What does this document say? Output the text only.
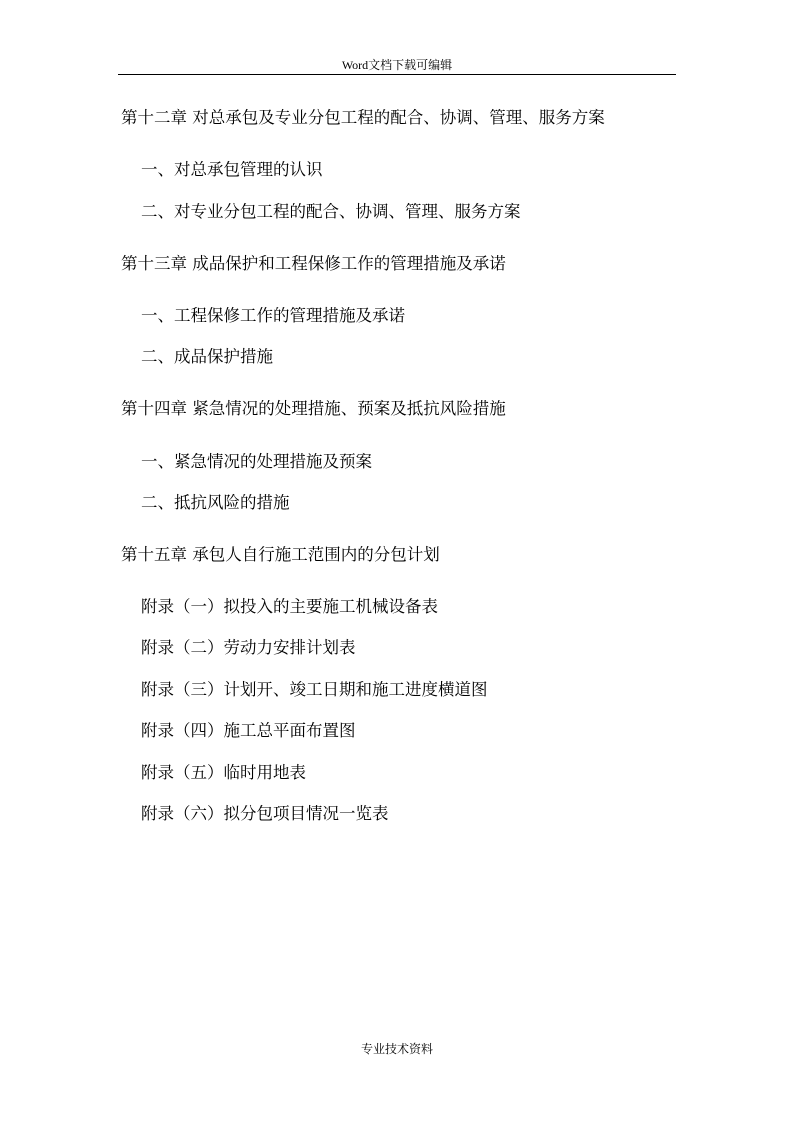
Word文档下载可编辑
第十二章 对总承包及专业分包工程的配合、协调、管理、服务方案
一、对总承包管理的认识
二、对专业分包工程的配合、协调、管理、服务方案
第十三章 成品保护和工程保修工作的管理措施及承诺
一、工程保修工作的管理措施及承诺
二、成品保护措施
第十四章 紧急情况的处理措施、预案及抵抗风险措施
一、紧急情况的处理措施及预案
二、抵抗风险的措施
第十五章 承包人自行施工范围内的分包计划
附录（一）拟投入的主要施工机械设备表
附录（二）劳动力安排计划表
附录（三）计划开、竣工日期和施工进度横道图
附录（四）施工总平面布置图
附录（五）临时用地表
附录（六）拟分包项目情况一览表
专业技术资料
